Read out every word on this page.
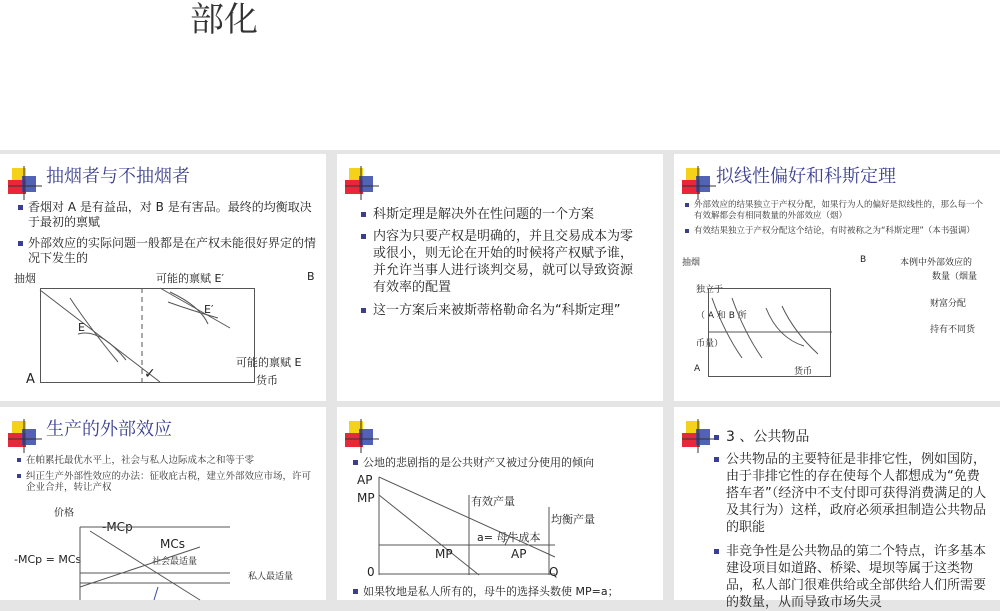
部化
抽烟者与不抽烟者
香烟对 A 是有益品，对 B 是有害品。最终的均衡取决于最初的禀赋
外部效应的实际问题一般都是在产权未能很好界定的情况下发生的
抽烟	可能的禀赋 E′	B
E
E′
可能的禀赋 E
货币
A	✓
科斯定理是解决外在性问题的一个方案
内容为只要产权是明确的，并且交易成本为零或很小，则无论在开始的时候将产权赋予谁，并允许当事人进行谈判交易，就可以导致资源有效率的配置
这一方案后来被斯蒂格勒命名为“科斯定理”
拟线性偏好和科斯定理
外部效应的结果独立于产权分配，如果行为人的偏好是拟线性的，那么每一个有效解都会有相同数量的外部效应（烟）
有效结果独立于产权分配这个结论，有时被称之为“科斯定理”（本书强调）
抽烟	B	本例中外部效应的
数量（烟量
独立于
财富分配
（ A 和 B 所
持有不同货
币量）
A	货币
生产的外部效应
在帕累托最优水平上，社会与私人边际成本之和等于零
纠正生产外部性效应的办法：征收庇古税，建立外部效应市场，许可企业合并，转让产权
价格
-MCp
MCs
社会最适量
-MCp = MCs
私人最适量
公地的悲剧指的是公共财产又被过分使用的倾向
AP
MP	有效产量
均衡产量
a= 母牛成本
MP	AP
0	Q
如果牧地是私人所有的，母牛的选择头数使 MP=a；
3 、公共物品
公共物品的主要特征是非排它性，例如国防，由于非排它性的存在使每个人都想成为“免费搭车者”（经济中不支付即可获得消费满足的人及其行为）这样，政府必须承担制造公共物品的职能
非竞争性是公共物品的第二个特点，许多基本建设项目如道路、桥梁、堤坝等属于这类物品，私人部门很难供给或全部供给人们所需要的数量，从而导致市场失灵
